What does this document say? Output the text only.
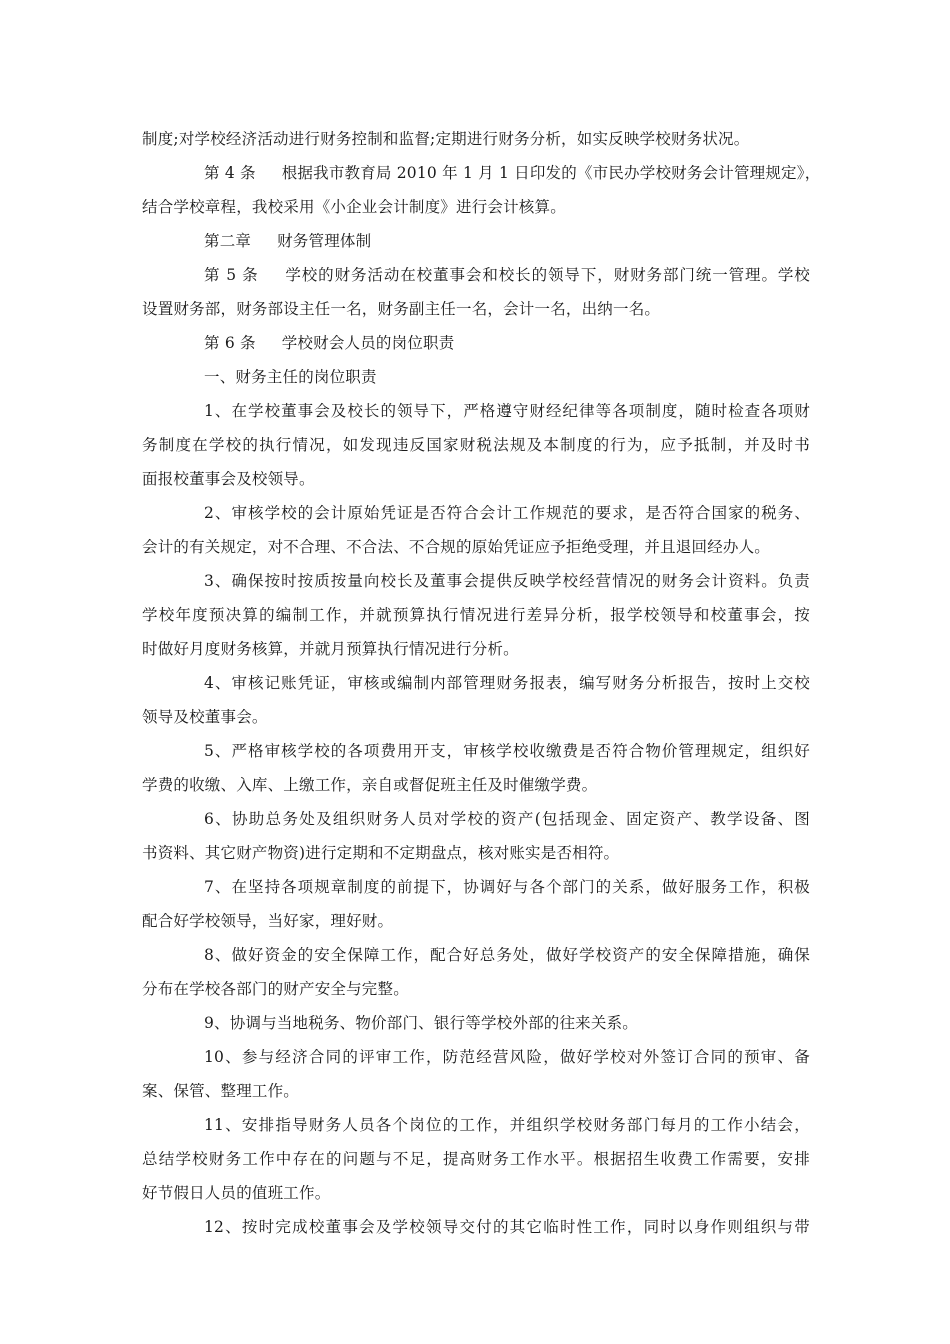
制度;对学校经济活动进行财务控制和监督;定期进行财务分析，如实反映学校财务状况。
第 4 条 根据我市教育局 2010 年 1 月 1 日印发的《市民办学校财务会计管理规定》，
结合学校章程，我校采用《小企业会计制度》进行会计核算。
第二章 财务管理体制
第 5 条 学校的财务活动在校董事会和校长的领导下，财财务部门统一管理。学校
设置财务部，财务部设主任一名，财务副主任一名，会计一名，出纳一名。
第 6 条 学校财会人员的岗位职责
一、财务主任的岗位职责
1、在学校董事会及校长的领导下，严格遵守财经纪律等各项制度，随时检查各项财
务制度在学校的执行情况，如发现违反国家财税法规及本制度的行为，应予抵制，并及时书
面报校董事会及校领导。
2、审核学校的会计原始凭证是否符合会计工作规范的要求，是否符合国家的税务、
会计的有关规定，对不合理、不合法、不合规的原始凭证应予拒绝受理，并且退回经办人。
3、确保按时按质按量向校长及董事会提供反映学校经营情况的财务会计资料。负责
学校年度预决算的编制工作，并就预算执行情况进行差异分析，报学校领导和校董事会，按
时做好月度财务核算，并就月预算执行情况进行分析。
4、审核记账凭证，审核或编制内部管理财务报表，编写财务分析报告，按时上交校
领导及校董事会。
5、严格审核学校的各项费用开支，审核学校收缴费是否符合物价管理规定，组织好
学费的收缴、入库、上缴工作，亲自或督促班主任及时催缴学费。
6、协助总务处及组织财务人员对学校的资产(包括现金、固定资产、教学设备、图
书资料、其它财产物资)进行定期和不定期盘点，核对账实是否相符。
7、在坚持各项规章制度的前提下，协调好与各个部门的关系，做好服务工作，积极
配合好学校领导，当好家，理好财。
8、做好资金的安全保障工作，配合好总务处，做好学校资产的安全保障措施，确保
分布在学校各部门的财产安全与完整。
9、协调与当地税务、物价部门、银行等学校外部的往来关系。
10、参与经济合同的评审工作，防范经营风险，做好学校对外签订合同的预审、备
案、保管、整理工作。
11、安排指导财务人员各个岗位的工作，并组织学校财务部门每月的工作小结会，
总结学校财务工作中存在的问题与不足，提高财务工作水平。根据招生收费工作需要，安排
好节假日人员的值班工作。
12、按时完成校董事会及学校领导交付的其它临时性工作，同时以身作则组织与带
